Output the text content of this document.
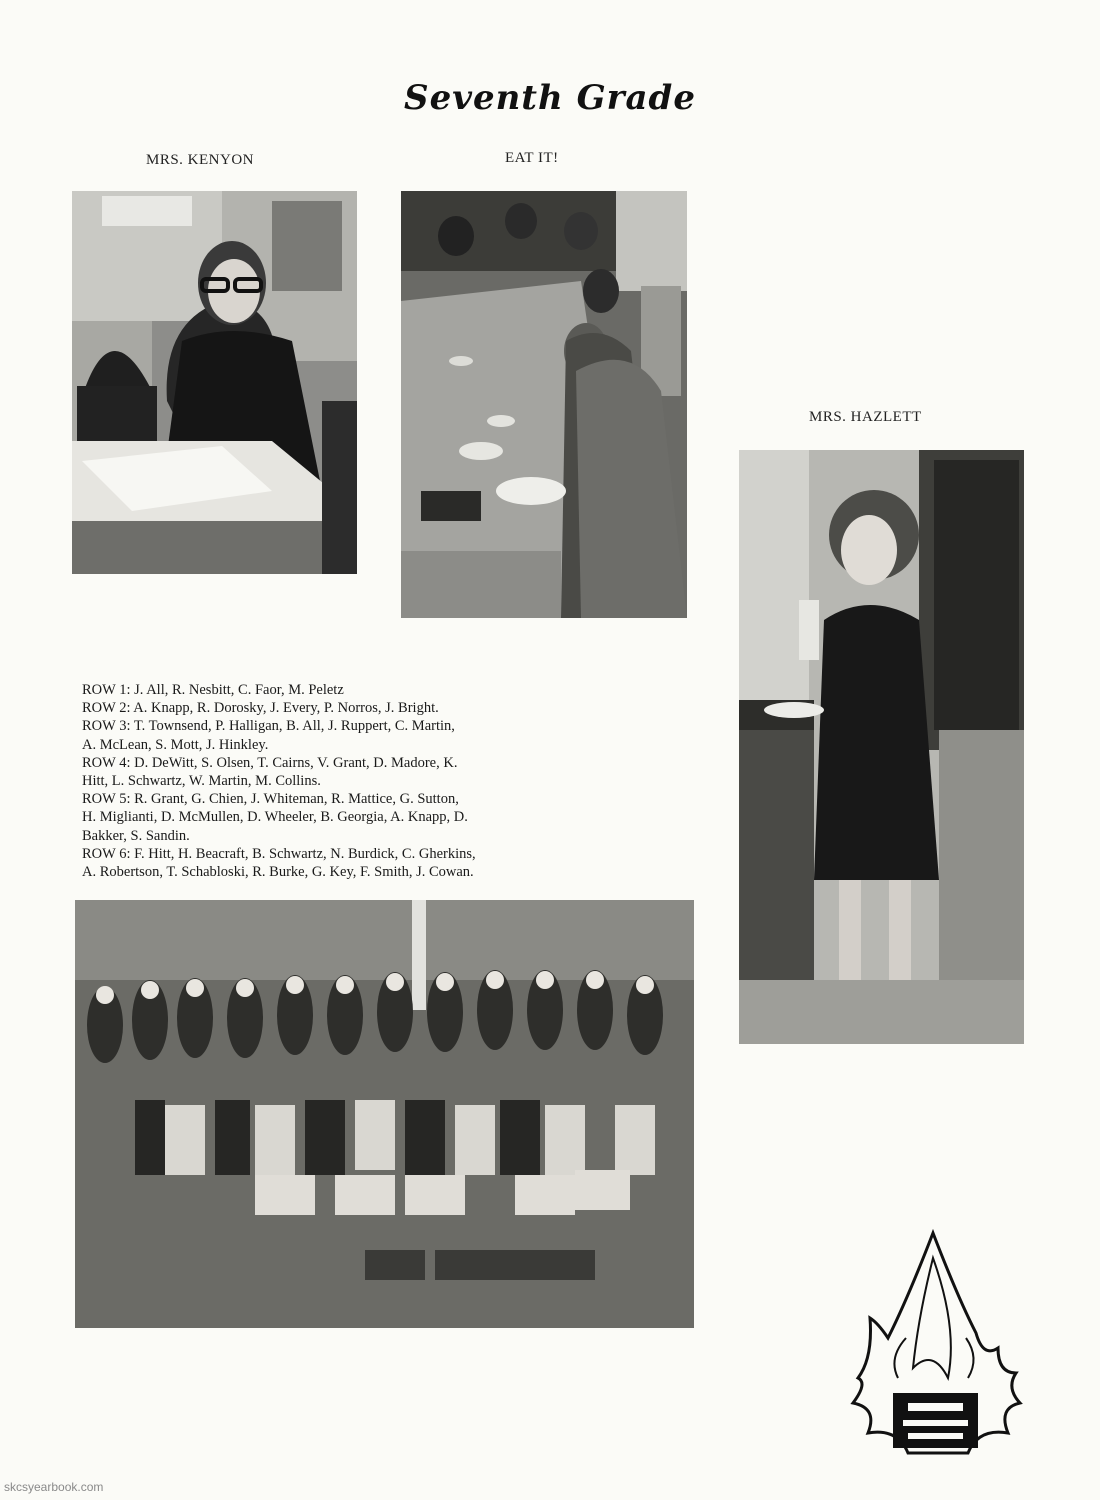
Seventh Grade
MRS. KENYON	EAT IT!
MRS. HAZLETT
ROW 1: J. All, R. Nesbitt, C. Faor, M. Peletz
ROW 2: A. Knapp, R. Dorosky, J. Every, P. Norros, J. Bright.
ROW 3: T. Townsend, P. Halligan, B. All, J. Ruppert, C. Martin,
A. McLean, S. Mott, J. Hinkley.
ROW 4: D. DeWitt, S. Olsen, T. Cairns, V. Grant, D. Madore, K.
Hitt, L. Schwartz, W. Martin, M. Collins.
ROW 5: R. Grant, G. Chien, J. Whiteman, R. Mattice, G. Sutton,
H. Miglianti, D. McMullen, D. Wheeler, B. Georgia, A. Knapp, D.
Bakker, S. Sandin.
ROW 6: F. Hitt, H. Beacraft, B. Schwartz, N. Burdick, C. Gherkins,
A. Robertson, T. Schabloski, R. Burke, G. Key, F. Smith, J. Cowan.
skcsyearbook.com
